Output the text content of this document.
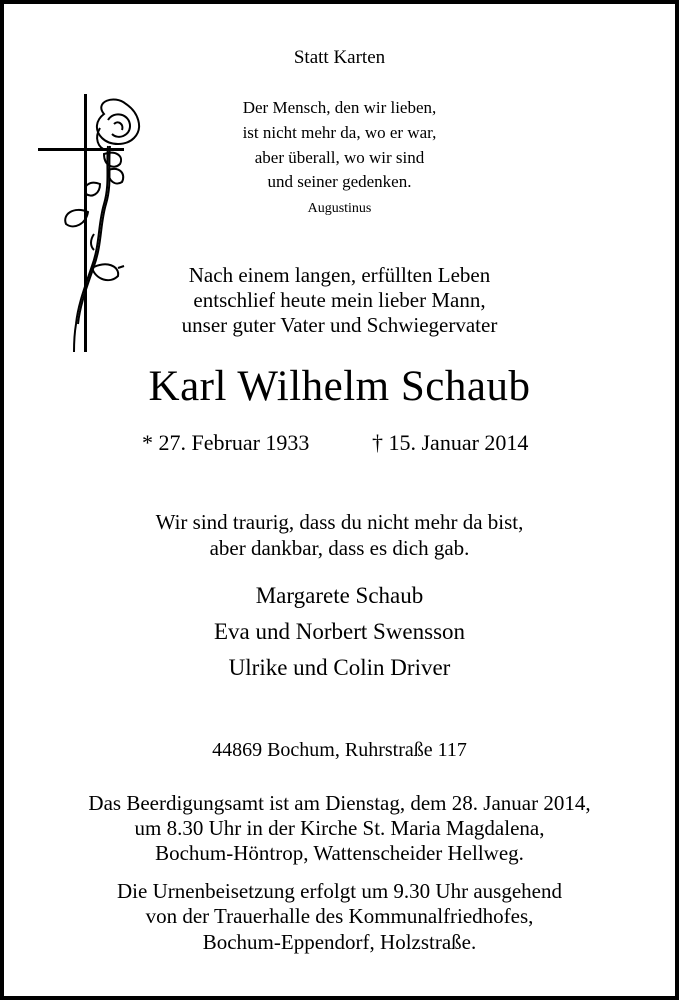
Statt Karten
Der Mensch, den wir lieben,
ist nicht mehr da, wo er war,
aber überall, wo wir sind
und seiner gedenken.
Augustinus
Nach einem langen, erfüllten Leben
entschlief heute mein lieber Mann,
unser guter Vater und Schwiegervater
Karl Wilhelm Schaub
* 27. Februar 1933	† 15. Januar 2014
Wir sind traurig, dass du nicht mehr da bist,
aber dankbar, dass es dich gab.
Margarete Schaub
Eva und Norbert Swensson
Ulrike und Colin Driver
44869 Bochum, Ruhrstraße 117
Das Beerdigungsamt ist am Dienstag, dem 28. Januar 2014,
um 8.30 Uhr in der Kirche St. Maria Magdalena,
Bochum-Höntrop, Wattenscheider Hellweg.
Die Urnenbeisetzung erfolgt um 9.30 Uhr ausgehend
von der Trauerhalle des Kommunalfriedhofes,
Bochum-Eppendorf, Holzstraße.
